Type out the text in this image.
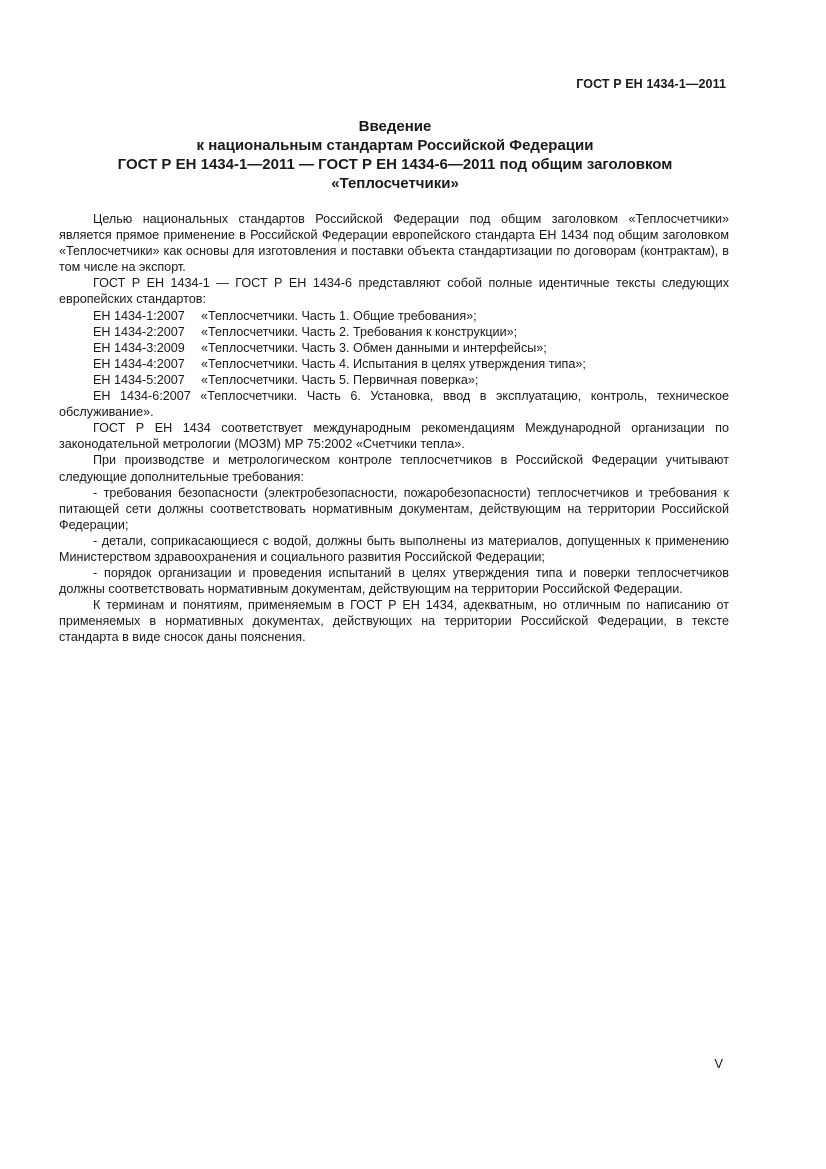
ГОСТ Р ЕН 1434-1—2011
Введение
к национальным стандартам Российской Федерации
ГОСТ Р ЕН 1434-1—2011 — ГОСТ Р ЕН 1434-6—2011 под общим заголовком
«Теплосчетчики»

Целью национальных стандартов Российской Федерации под общим заголовком «Теплосчетчики» является прямое применение в Российской Федерации европейского стандарта ЕН 1434 под общим заголовком «Теплосчетчики» как основы для изготовления и поставки объекта стандартизации по договорам (контрактам), в том числе на экспорт.

ГОСТ Р ЕН 1434-1 — ГОСТ Р ЕН 1434-6 представляют собой полные идентичные тексты следующих европейских стандартов:

ЕН 1434-1:2007 «Теплосчетчики. Часть 1. Общие требования»;

ЕН 1434-2:2007 «Теплосчетчики. Часть 2. Требования к конструкции»;

ЕН 1434-3:2009 «Теплосчетчики. Часть 3. Обмен данными и интерфейсы»;

ЕН 1434-4:2007 «Теплосчетчики. Часть 4. Испытания в целях утверждения типа»;

ЕН 1434-5:2007 «Теплосчетчики. Часть 5. Первичная поверка»;

ЕН 1434-6:2007 «Теплосчетчики. Часть 6. Установка, ввод в эксплуатацию, контроль, техническое обслуживание».

ГОСТ Р ЕН 1434 соответствует международным рекомендациям Международной организации по законодательной метрологии (МОЗМ) МР 75:2002 «Счетчики тепла».

При производстве и метрологическом контроле теплосчетчиков в Российской Федерации учитывают следующие дополнительные требования:

- требования безопасности (электробезопасности, пожаробезопасности) теплосчетчиков и требования к питающей сети должны соответствовать нормативным документам, действующим на территории Российской Федерации;

- детали, соприкасающиеся с водой, должны быть выполнены из материалов, допущенных к применению Министерством здравоохранения и социального развития Российской Федерации;

- порядок организации и проведения испытаний в целях утверждения типа и поверки теплосчетчиков должны соответствовать нормативным документам, действующим на территории Российской Федерации.

К терминам и понятиям, применяемым в ГОСТ Р ЕН 1434, адекватным, но отличным по написанию от применяемых в нормативных документах, действующих на территории Российской Федерации, в тексте стандарта в виде сносок даны пояснения.

V
